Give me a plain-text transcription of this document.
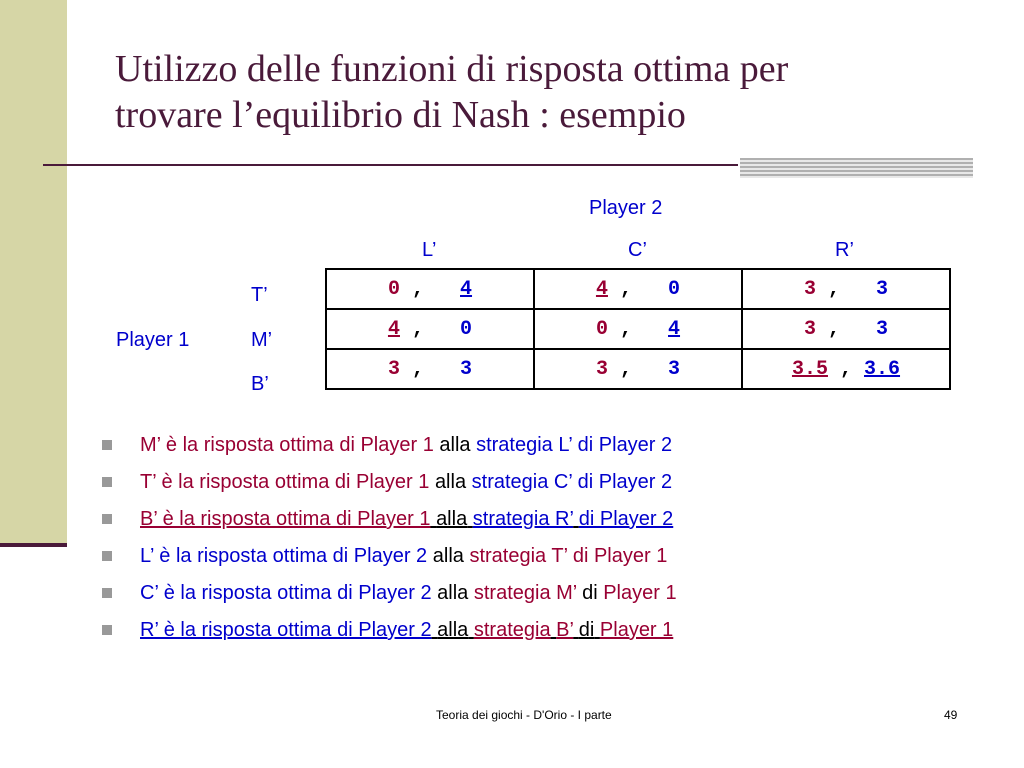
Utilizzo delle funzioni di risposta ottima per
trovare l’equilibrio di Nash : esempio
Player 2
L’	C’	R’
Player 1
T’
M’
B’
0 , 4	4 , 0	3 , 3
4 , 0	0 , 4	3 , 3
3 , 3	3 , 3	3.5 , 3.6
M’ è la risposta ottima di Player 1 alla strategia L’ di Player 2
T’ è la risposta ottima di Player 1 alla strategia C’ di Player 2
B’ è la risposta ottima di Player 1 alla strategia R’ di Player 2
L’ è la risposta ottima di Player 2 alla strategia T’ di Player 1
C’ è la risposta ottima di Player 2 alla strategia M’ di Player 1
R’ è la risposta ottima di Player 2 alla strategia B’ di Player 1
Teoria dei giochi - D'Orio - I parte	49
